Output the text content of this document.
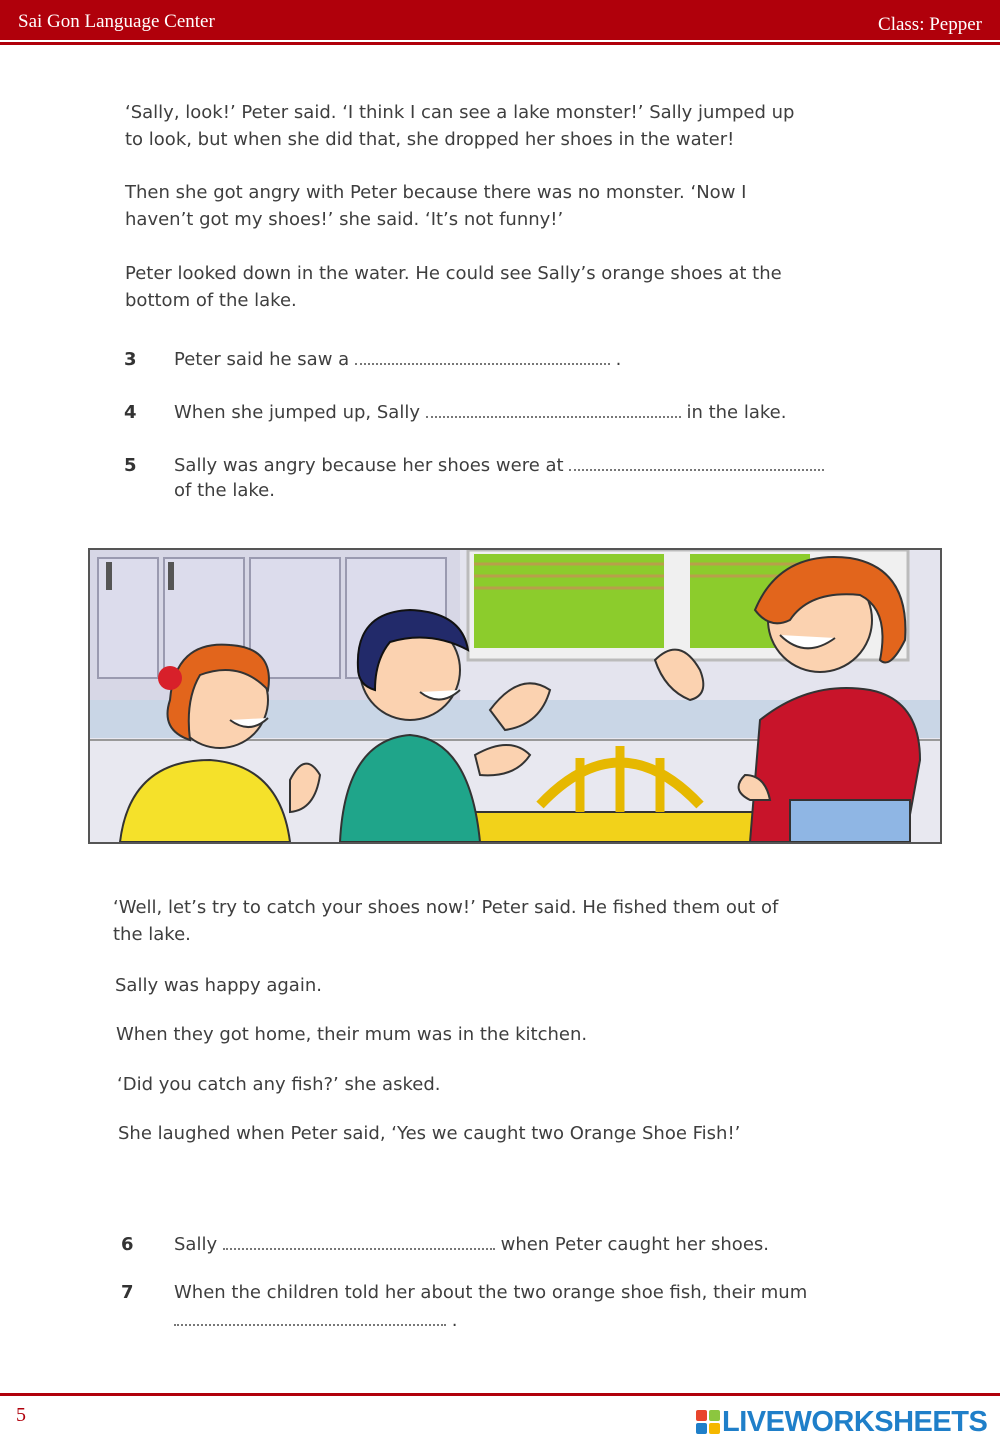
Sai Gon Language Center	Class: Pepper

‘Sally, look!’ Peter said. ‘I think I can see a lake monster!’ Sally jumped up
to look, but when she did that, she dropped her shoes in the water!

Then she got angry with Peter because there was no monster. ‘Now I
haven’t got my shoes!’ she said. ‘It’s not funny!’

Peter looked down in the water. He could see Sally’s orange shoes at the
bottom of the lake.

3 Peter said he saw a	.
4 When she jumped up, Sally	in the lake.
5 Sally was angry because her shoes were at
of the lake.

‘Well, let’s try to catch your shoes now!’ Peter said. He fished them out of
the lake.

Sally was happy again.

When they got home, their mum was in the kitchen.

‘Did you catch any fish?’ she asked.

She laughed when Peter said, ‘Yes we caught two Orange Shoe Fish!’

6 Sally	when Peter caught her shoes.
7 When the children told her about the two orange shoe fish, their mum
.
5	LIVEWORKSHEETS
